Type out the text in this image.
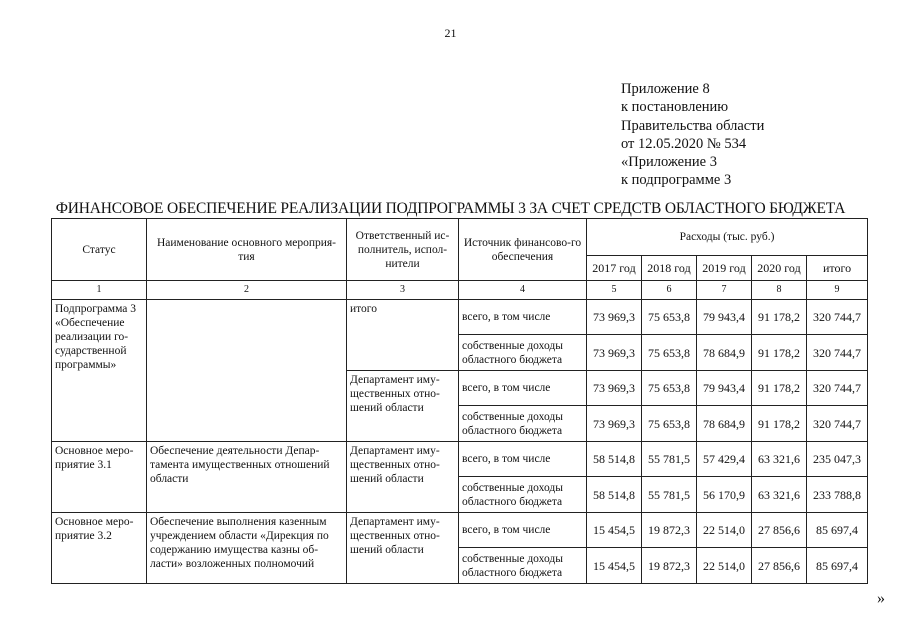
21
Приложение 8
к постановлению
Правительства области
от 12.05.2020 № 534
«Приложение 3
к подпрограмме 3
ФИНАНСОВОЕ ОБЕСПЕЧЕНИЕ РЕАЛИЗАЦИИ ПОДПРОГРАММЫ 3 ЗА СЧЕТ СРЕДСТВ ОБЛАСТНОГО БЮДЖЕТА
Статус	Наименование основного мероприя-тия	Ответственный ис-полнитель, испол-нители	Источник финансово-го обеспечения	Расходы (тыс. руб.)				
				2017 год	2018 год	2019 год	2020 год	итого
1	2	3	4	5	6	7	8	9
Подпрограмма 3 «Обеспечение реализации го-сударственной программы»		итого	всего, в том числе	73 969,3	75 653,8	79 943,4	91 178,2	320 744,7
			собственные доходы областного бюджета	73 969,3	75 653,8	78 684,9	91 178,2	320 744,7
		Департамент иму-щественных отно-шений области	всего, в том числе	73 969,3	75 653,8	79 943,4	91 178,2	320 744,7
			собственные доходы областного бюджета	73 969,3	75 653,8	78 684,9	91 178,2	320 744,7
Основное меро-приятие 3.1	Обеспечение деятельности Депар-тамента имущественных отношений области	Департамент иму-щественных отно-шений области	всего, в том числе	58 514,8	55 781,5	57 429,4	63 321,6	235 047,3
			собственные доходы областного бюджета	58 514,8	55 781,5	56 170,9	63 321,6	233 788,8
Основное меро-приятие 3.2	Обеспечение выполнения казенным учреждением области «Дирекция по содержанию имущества казны об-ласти» возложенных полномочий	Департамент иму-щественных отно-шений области	всего, в том числе	15 454,5	19 872,3	22 514,0	27 856,6	85 697,4
			собственные доходы областного бюджета	15 454,5	19 872,3	22 514,0	27 856,6	85 697,4
»
